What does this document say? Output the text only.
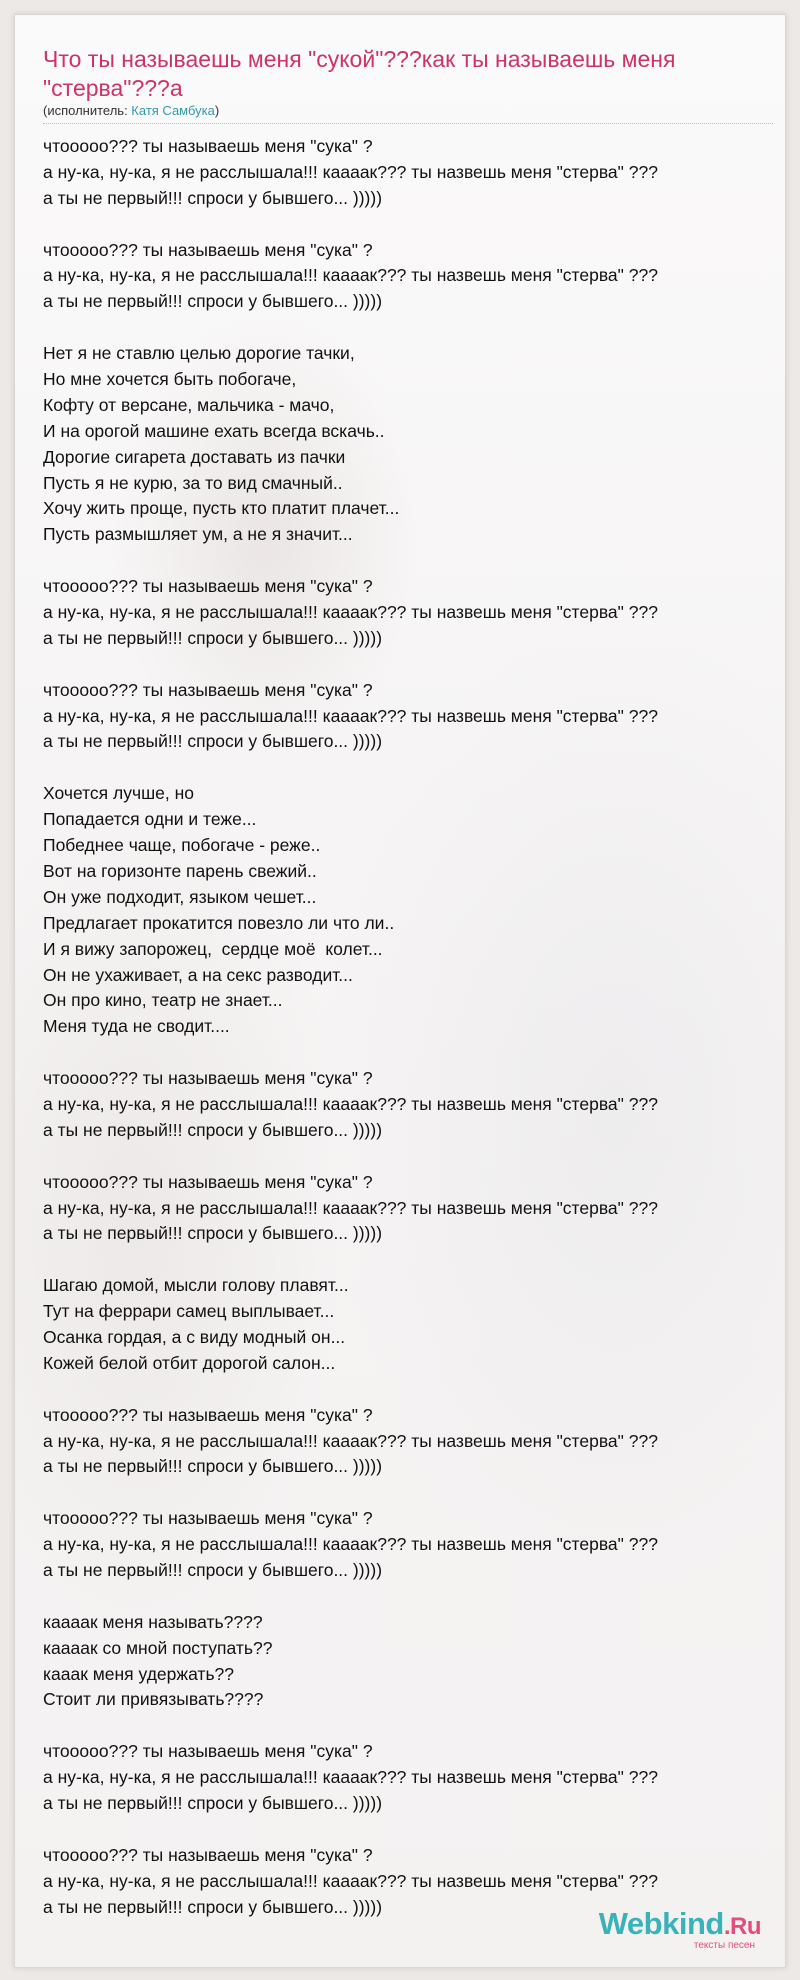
Что ты называешь меня "сукой"???как ты называешь меня "стерва"???а
(исполнитель: Катя Самбука)
чтооооо??? ты называешь меня "сука" ?
а ну-ка, ну-ка, я не расслышала!!! кааaак??? ты назвешь меня "стерва" ???
а ты не первый!!! спроси у бывшего... )))))
чтооооо??? ты называешь меня "сука" ?
а ну-ка, ну-ка, я не расслышала!!! кааaак??? ты назвешь меня "стерва" ???
а ты не первый!!! спроси у бывшего... )))))
Нет я не ставлю целью дорогие тачки,
Но мне хочется быть побогаче,
Кофту от версане, мальчика - мачо,
И на орогой машине ехать всегда вскачь..
Дорогие сигарета доставать из пачки
Пусть я не курю, за то вид смачный..
Хочу жить проще, пусть кто платит плачет...
Пусть размышляет ум, а не я значит...
чтооооо??? ты называешь меня "сука" ?
а ну-ка, ну-ка, я не расслышала!!! кааaак??? ты назвешь меня "стерва" ???
а ты не первый!!! спроси у бывшего... )))))
чтооооо??? ты называешь меня "сука" ?
а ну-ка, ну-ка, я не расслышала!!! кааaак??? ты назвешь меня "стерва" ???
а ты не первый!!! спроси у бывшего... )))))
Хочется лучше, но
Попадается одни и теже...
Победнее чаще, побогаче - реже..
Вот на горизонте парень свежий..
Он уже подходит, языком чешет...
Предлагает прокатится повезло ли что ли..
И я вижу запорожец,  сердце моё  колет...
Он не ухаживает, а на секс разводит...
Он про кино, театр не знает...
Меня туда не сводит....
чтооооо??? ты называешь меня "сука" ?
а ну-ка, ну-ка, я не расслышала!!! кааaак??? ты назвешь меня "стерва" ???
а ты не первый!!! спроси у бывшего... )))))
чтооооо??? ты называешь меня "сука" ?
а ну-ка, ну-ка, я не расслышала!!! кааaак??? ты назвешь меня "стерва" ???
а ты не первый!!! спроси у бывшего... )))))
Шагаю домой, мысли голову плавят...
Тут на феррари самец выплывает...
Осанка гордая, а с виду модный он...
Кожей белой отбит дорогой салон...
чтооооо??? ты называешь меня "сука" ?
а ну-ка, ну-ка, я не расслышала!!! кааaак??? ты назвешь меня "стерва" ???
а ты не первый!!! спроси у бывшего... )))))
чтооооо??? ты называешь меня "сука" ?
а ну-ка, ну-ка, я не расслышала!!! кааaак??? ты назвешь меня "стерва" ???
а ты не первый!!! спроси у бывшего... )))))
кааaак меня называть????
кааaак со мной поступать??
кааак меня удержать??
Стоит ли привязывать????
чтооооо??? ты называешь меня "сука" ?
а ну-ка, ну-ка, я не расслышала!!! кааaак??? ты назвешь меня "стерва" ???
а ты не первый!!! спроси у бывшего... )))))
чтооооо??? ты называешь меня "сука" ?
а ну-ка, ну-ка, я не расслышала!!! кааaак??? ты назвешь меня "стерва" ???
а ты не первый!!! спроси у бывшего... )))))	Webkind.Ru
тексты песен
